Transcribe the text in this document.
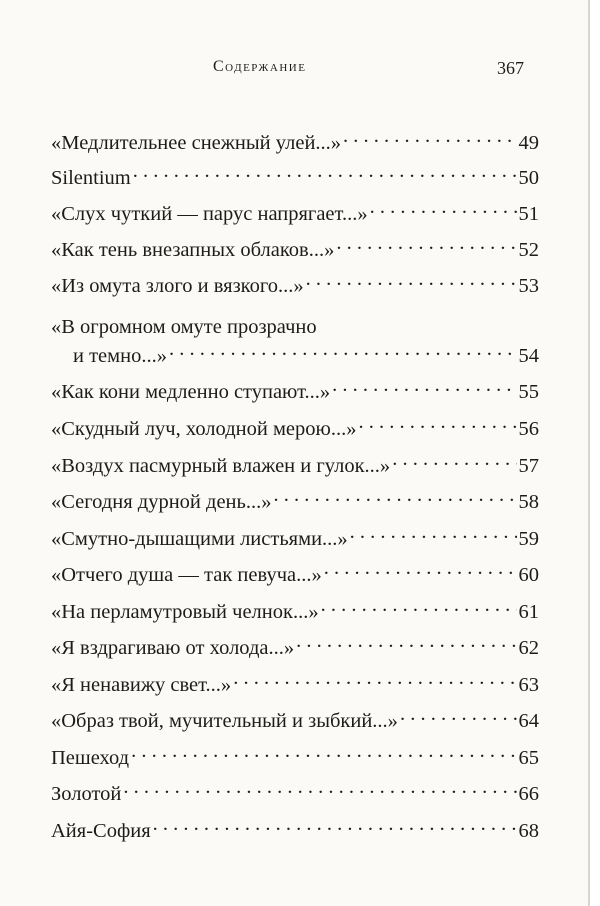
Содержание	367
«Медлительнее снежный улей...» . . .	49
Silentium . . .	50
«Слух чуткий — парус напрягает...» . . .	51
«Как тень внезапных облаков...» . . .	52
«Из омута злого и вязкого...» . . .	53
«В огромном омуте прозрачно
и темно...» . . .	54
«Как кони медленно ступают...» . . .	55
«Скудный луч, холодной мерою...» . . .	56
«Воздух пасмурный влажен и гулок...» . . .	57
«Сегодня дурной день...» . . .	58
«Смутно-дышащими листьями...» . . .	59
«Отчего душа — так певуча...» . . .	60
«На перламутровый челнок...» . . .	61
«Я вздрагиваю от холода...» . . .	62
«Я ненавижу свет...» . . .	63
«Образ твой, мучительный и зыбкий...» . . .	64
Пешеход . . .	65
Золотой . . .	66
Айя-София . . .	68
